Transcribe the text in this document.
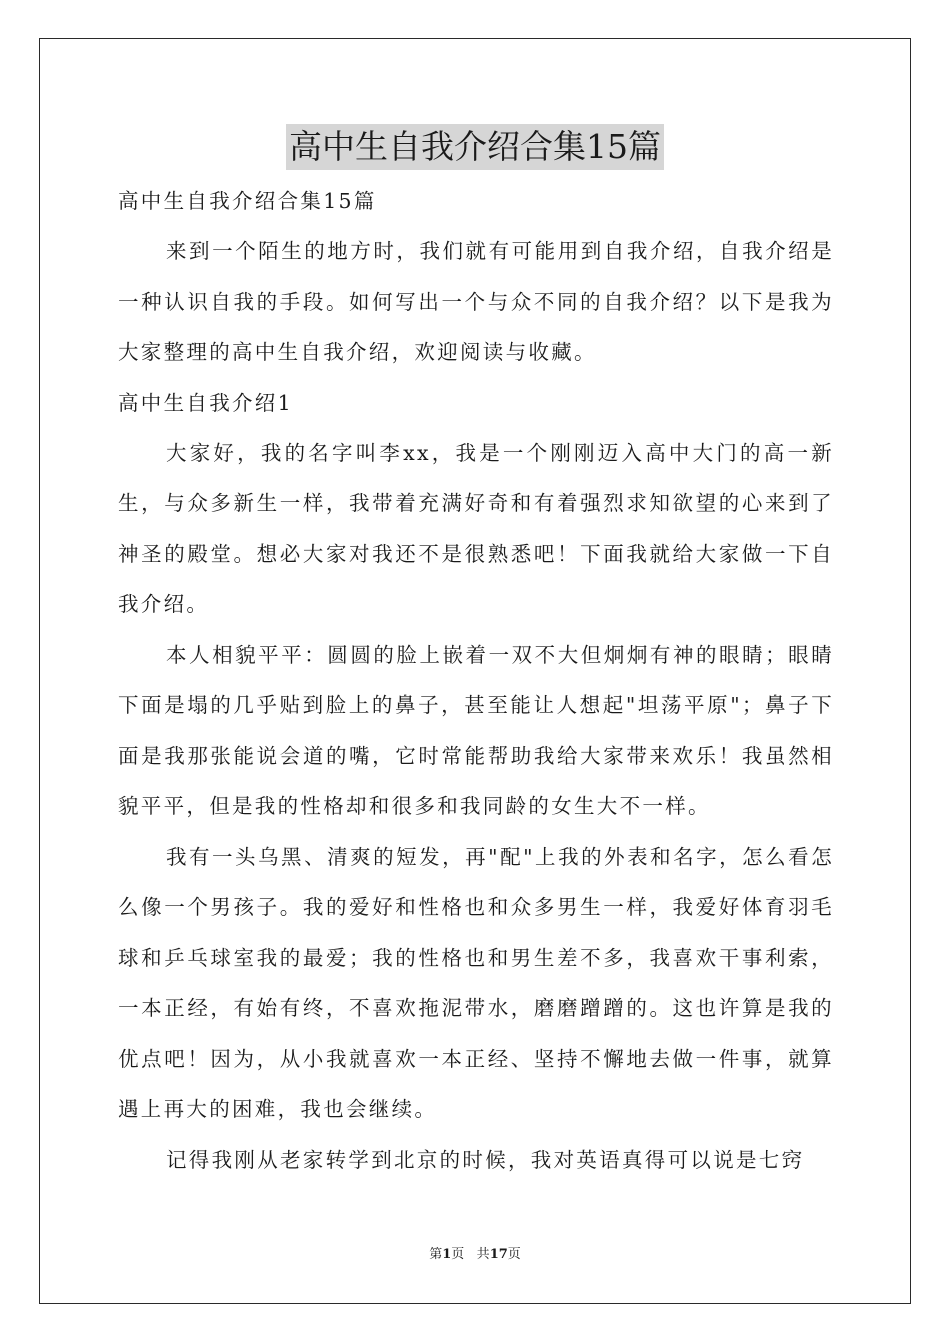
高中生自我介绍合集15篇

高中生自我介绍合集15篇

来到一个陌生的地方时，我们就有可能用到自我介绍，自我介绍是一种认识自我的手段。如何写出一个与众不同的自我介绍？以下是我为大家整理的高中生自我介绍，欢迎阅读与收藏。

高中生自我介绍1

大家好，我的名字叫李xx，我是一个刚刚迈入高中大门的高一新生，与众多新生一样，我带着充满好奇和有着强烈求知欲望的心来到了神圣的殿堂。想必大家对我还不是很熟悉吧！下面我就给大家做一下自我介绍。

本人相貌平平：圆圆的脸上嵌着一双不大但炯炯有神的眼睛；眼睛下面是塌的几乎贴到脸上的鼻子，甚至能让人想起"坦荡平原"；鼻子下面是我那张能说会道的嘴，它时常能帮助我给大家带来欢乐！我虽然相貌平平，但是我的性格却和很多和我同龄的女生大不一样。

我有一头乌黑、清爽的短发，再"配"上我的外表和名字，怎么看怎么像一个男孩子。我的爱好和性格也和众多男生一样，我爱好体育羽毛球和乒乓球室我的最爱；我的性格也和男生差不多，我喜欢干事利索，一本正经，有始有终，不喜欢拖泥带水，磨磨蹭蹭的。这也许算是我的优点吧！因为，从小我就喜欢一本正经、坚持不懈地去做一件事，就算遇上再大的困难，我也会继续。

记得我刚从老家转学到北京的时候，我对英语真得可以说是七窍

第1页 共17页
